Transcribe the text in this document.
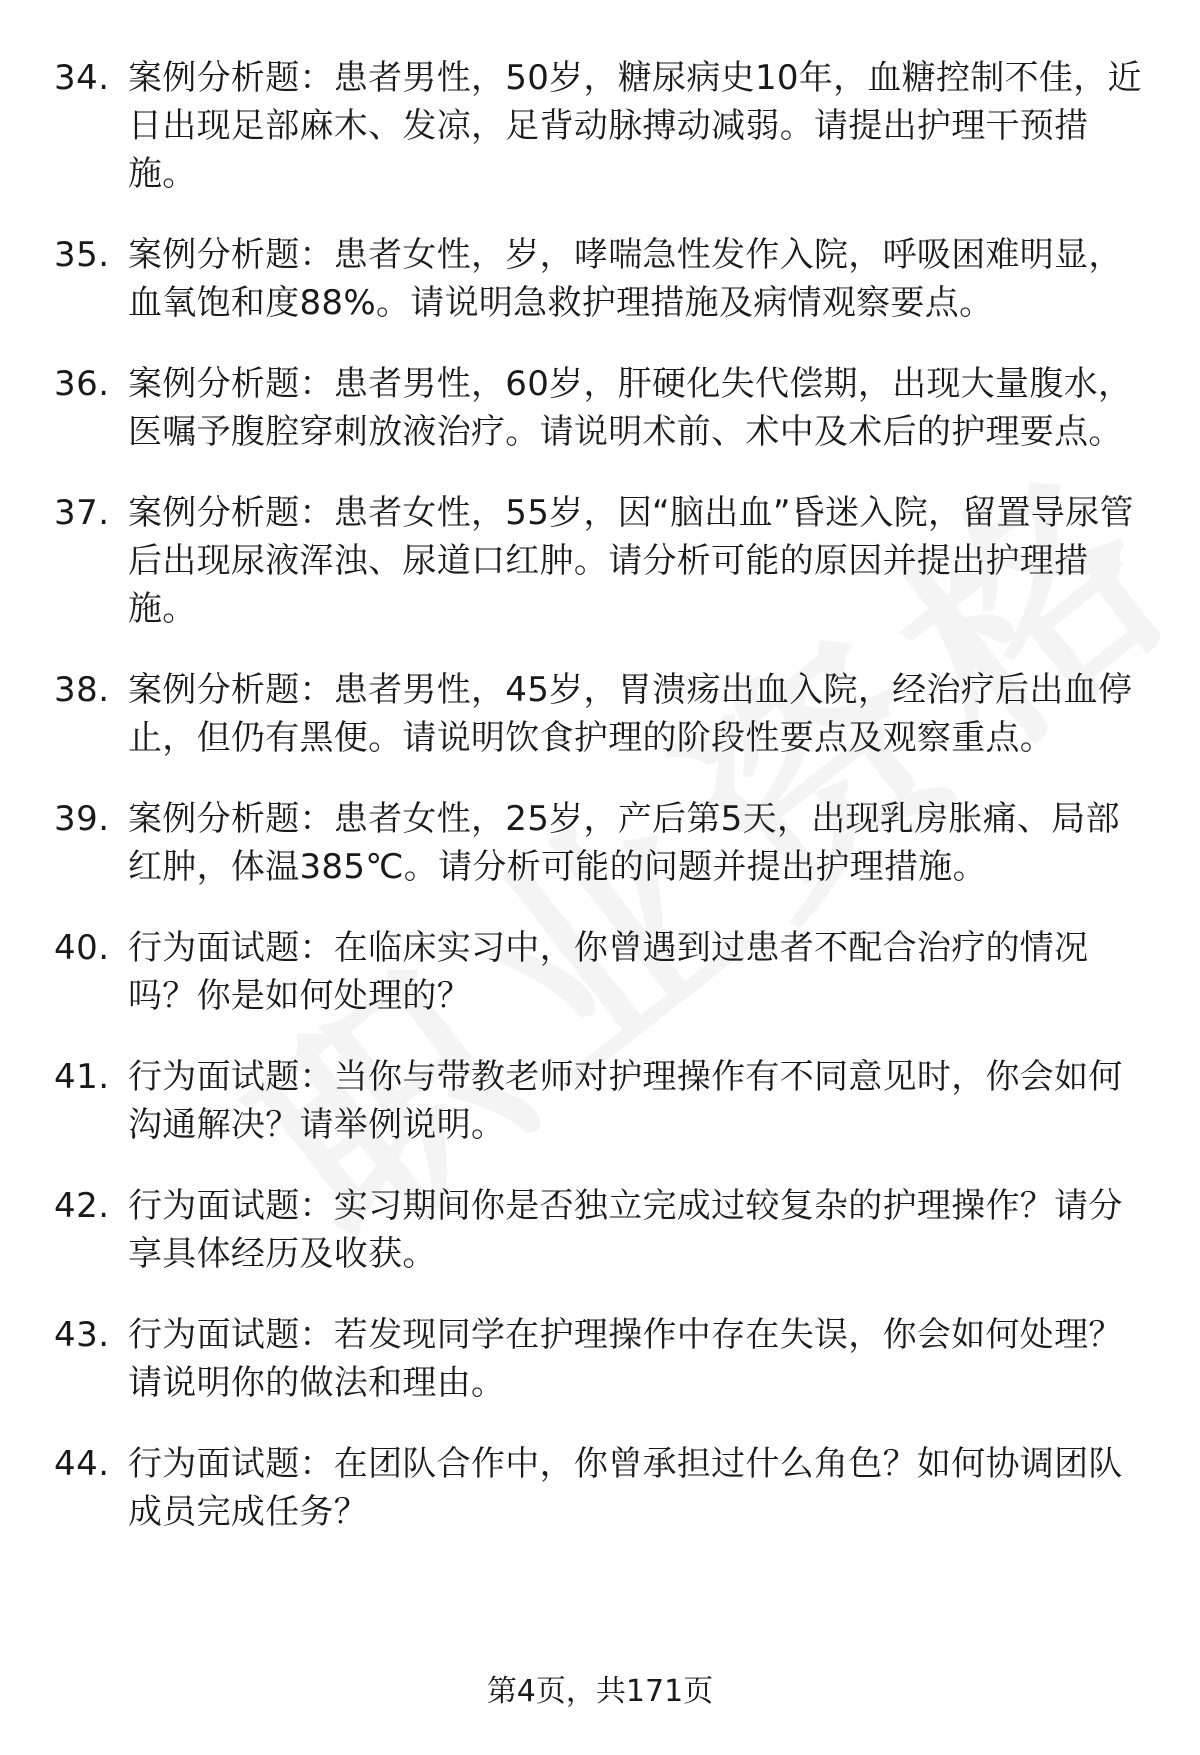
34. 案例分析题：患者男性，50岁，糖尿病史10年，血糖控制不佳，近日出现足部麻木、发凉，足背动脉搏动减弱。请提出护理干预措施。
35. 案例分析题：患者女性，岁，哮喘急性发作入院，呼吸困难明显，血氧饱和度88%。请说明急救护理措施及病情观察要点。
36. 案例分析题：患者男性，60岁，肝硬化失代偿期，出现大量腹水，医嘱予腹腔穿刺放液治疗。请说明术前、术中及术后的护理要点。
37. 案例分析题：患者女性，55岁，因“脑出血”昏迷入院，留置导尿管后出现尿液浑浊、尿道口红肿。请分析可能的原因并提出护理措施。
38. 案例分析题：患者男性，45岁，胃溃疡出血入院，经治疗后出血停止，但仍有黑便。请说明饮食护理的阶段性要点及观察重点。
39. 案例分析题：患者女性，25岁，产后第5天，出现乳房胀痛、局部红肿，体温385℃。请分析可能的问题并提出护理措施。
40. 行为面试题：在临床实习中，你曾遇到过患者不配合治疗的情况吗？你是如何处理的？
41. 行为面试题：当你与带教老师对护理操作有不同意见时，你会如何沟通解决？请举例说明。
42. 行为面试题：实习期间你是否独立完成过较复杂的护理操作？请分享具体经历及收获。
43. 行为面试题：若发现同学在护理操作中存在失误，你会如何处理？请说明你的做法和理由。
44. 行为面试题：在团队合作中，你曾承担过什么角色？如何协调团队成员完成任务？
第4页，共171页
